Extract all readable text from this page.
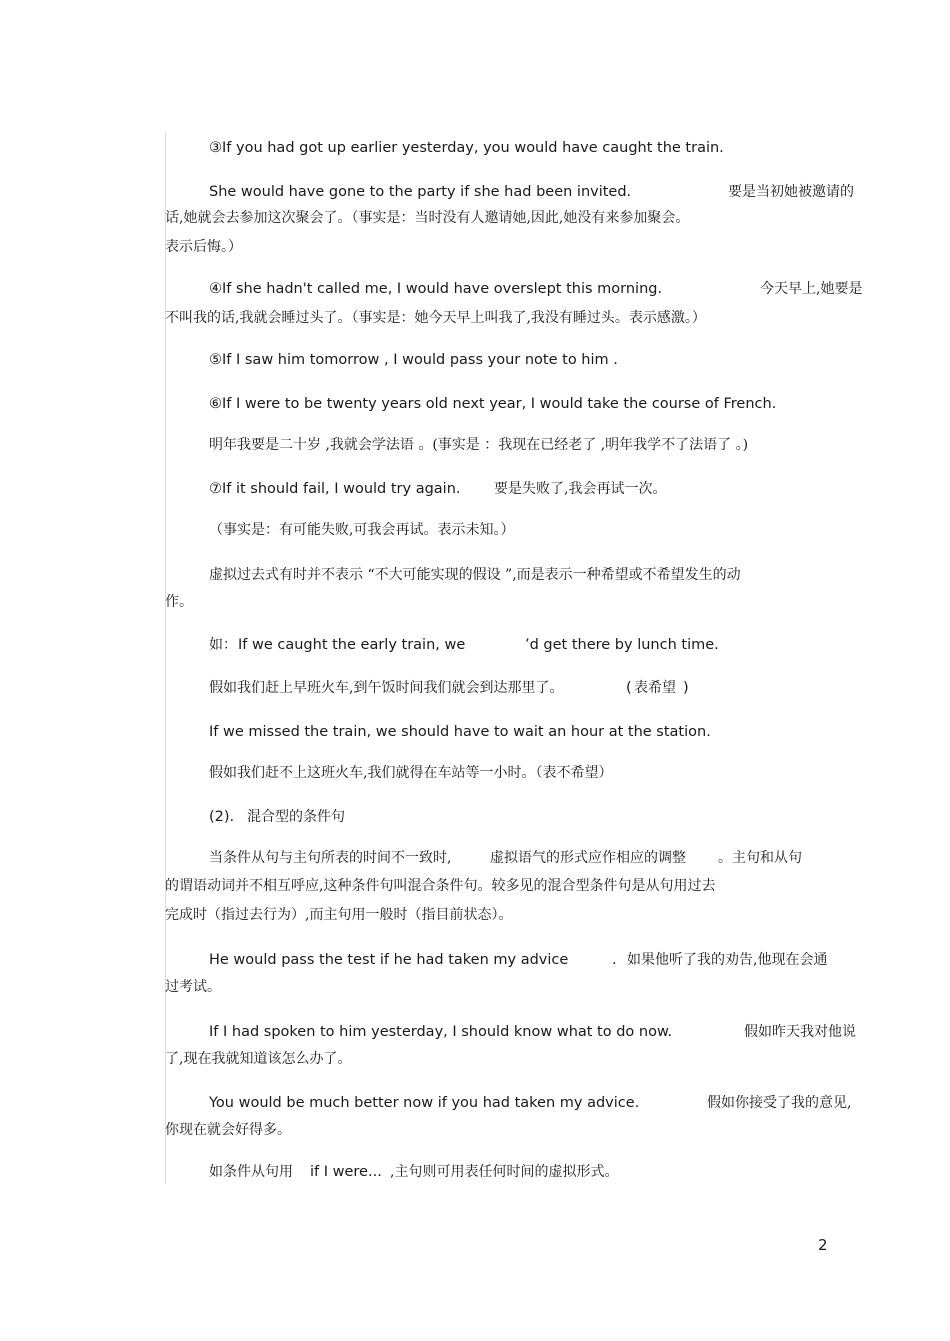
③If you had got up earlier yesterday, you would have caught the train.
She would have gone to the party if she had been invited.	要是当初她被邀请的
话,她就会去参加这次聚会了。（事实是：当时没有人邀请她,因此,她没有来参加聚会。
表示后悔。）
④If she hadn't called me, I would have overslept this morning.	今天早上,她要是
不叫我的话,我就会睡过头了。（事实是：她今天早上叫我了,我没有睡过头。表示感激。）
⑤If I saw him tomorrow , I would pass your note to him .
⑥If I were to be twenty years old next year, I would take the course of French.
明年我要是二十岁 ,我就会学法语 。(事实是 ：我现在已经老了 ,明年我学不了法语了 。)
⑦If it should fail, I would try again. 要是失败了,我会再试一次。
（事实是：有可能失败,可我会再试。表示未知。）
虚拟过去式有时并不表示 “不大可能实现的假设 ”,而是表示一种希望或不希望发生的动
作。
如： If we caught the early train, we	’d get there by lunch time.
假如我们赶上早班火车,到午饭时间我们就会到达那里了。	( 表希望 )
If we missed the train, we should have to wait an hour at the station.
假如我们赶不上这班火车,我们就得在车站等一小时。（表不希望）
(2). 混合型的条件句
当条件从句与主句所表的时间不一致时,	虚拟语气的形式应作相应的调整 。主句和从句
的谓语动词并不相互呼应,这种条件句叫混合条件句。较多见的混合型条件句是从句用过去
完成时（指过去行为）,而主句用一般时（指目前状态）。
He would pass the test if he had taken my advice	. 如果他听了我的劝告,他现在会通
过考试。
If I had spoken to him yesterday, I should know what to do now.	假如昨天我对他说
了,现在我就知道该怎么办了。
You would be much better now if you had taken my advice.	假如你接受了我的意见,
你现在就会好得多。
如条件从句用 if I were... ,主句则可用表任何时间的虚拟形式。
2
